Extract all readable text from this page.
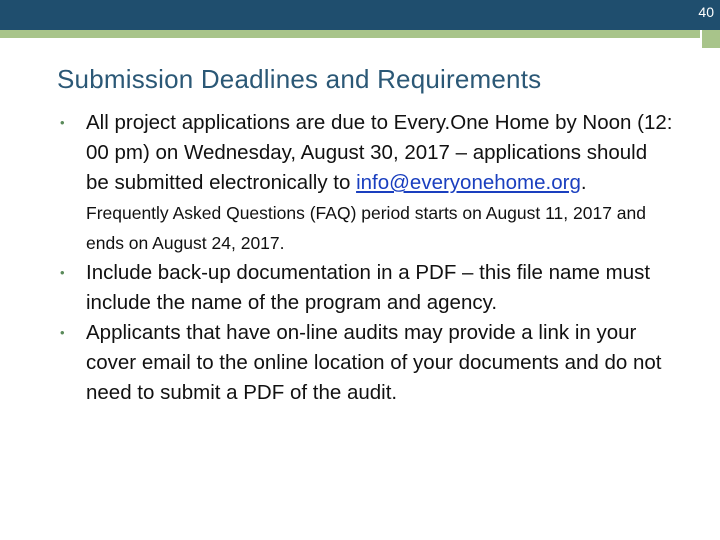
40
Submission Deadlines and Requirements
• All project applications are due to Every.One Home by Noon (12: 00 pm) on Wednesday, August 30, 2017 – applications should be submitted electronically to info@everyonehome.org.  Frequently Asked Questions (FAQ) period starts on August 11, 2017 and ends on August 24, 2017.
• Include back-up documentation in a PDF – this file name must include the name of the program and agency.
• Applicants that have on-line audits may provide a link in your cover email to the online location of your documents and do not need to submit a PDF of the audit.
